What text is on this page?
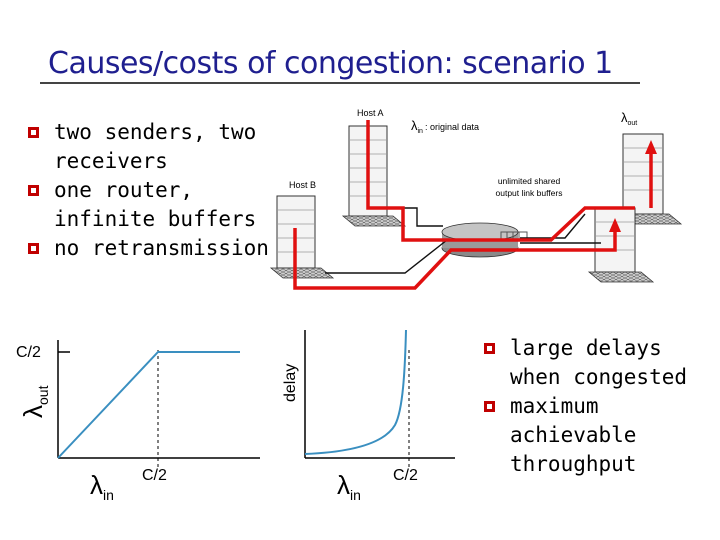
Causes/costs of congestion: scenario 1
two senders, two receivers
one router, infinite buffers
no retransmission
large delays when congested
maximum achievable throughput
Host A
Host B
$\lambda_{in}$ $^{: original data}$
$\lambda_{out}$
unlimited shared
output link buffers
C/2
C/2
$\lambda_{out}$
$\lambda_{in}$
delay
C/2
$\lambda_{in}$
